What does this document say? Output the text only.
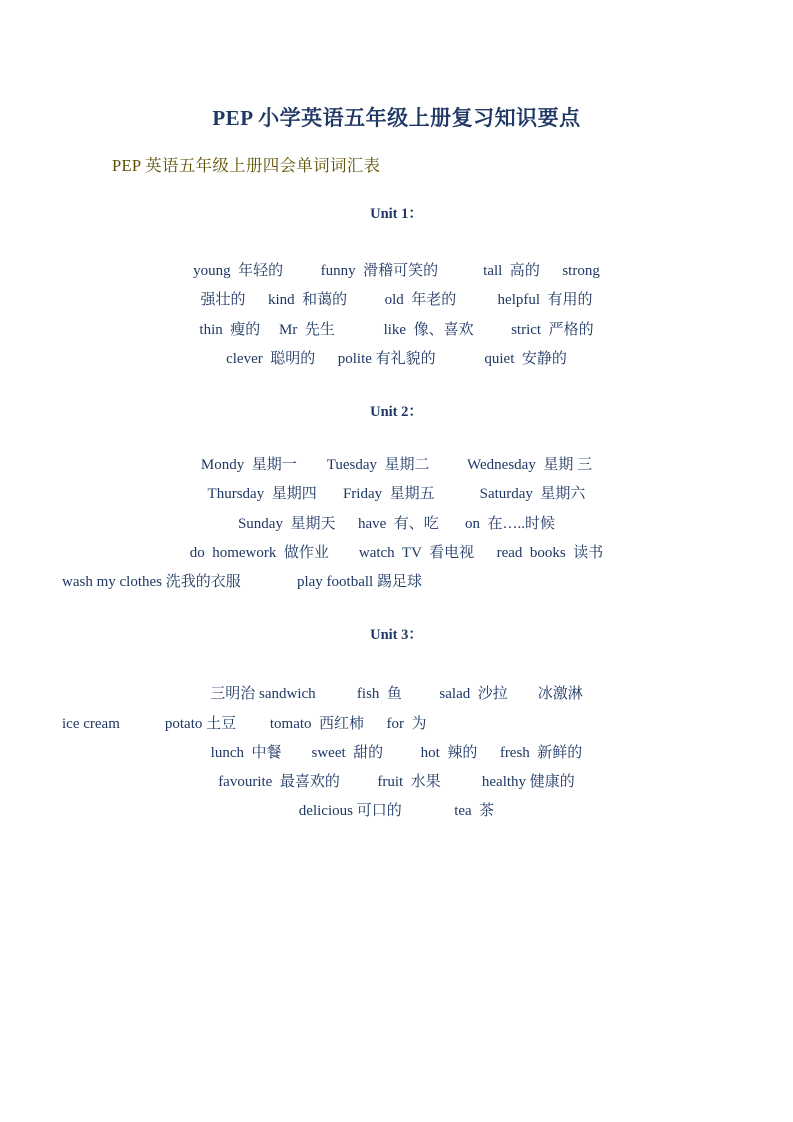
PEP 小学英语五年级上册复习知识要点
PEP 英语五年级上册四会单词词汇表
Unit 1：
young  年轻的          funny  滑稽可笑的            tall  高的      strong
强壮的      kind  和蔼的          old  年老的           helpful  有用的
thin  瘦的     Mr  先生             like  像、喜欢          strict  严格的
clever  聪明的      polite 有礼貌的             quiet  安静的
Unit 2：
Mondy  星期一        Tuesday  星期二          Wednesday  星期 三
Thursday  星期四       Friday  星期五            Saturday  星期六
Sunday  星期天      have  有、吃       on  在…..时候
do  homework  做作业        watch  TV  看电视      read  books  读书
wash my clothes 洗我的衣服               play football 踢足球
Unit 3：
三明治 sandwich           fish  鱼          salad  沙拉        冰激淋
ice cream            potato 土豆         tomato  西红柿      for  为
lunch  中餐        sweet  甜的          hot  辣的      fresh  新鲜的
favourite  最喜欢的          fruit  水果           healthy 健康的
delicious 可口的              tea  茶
